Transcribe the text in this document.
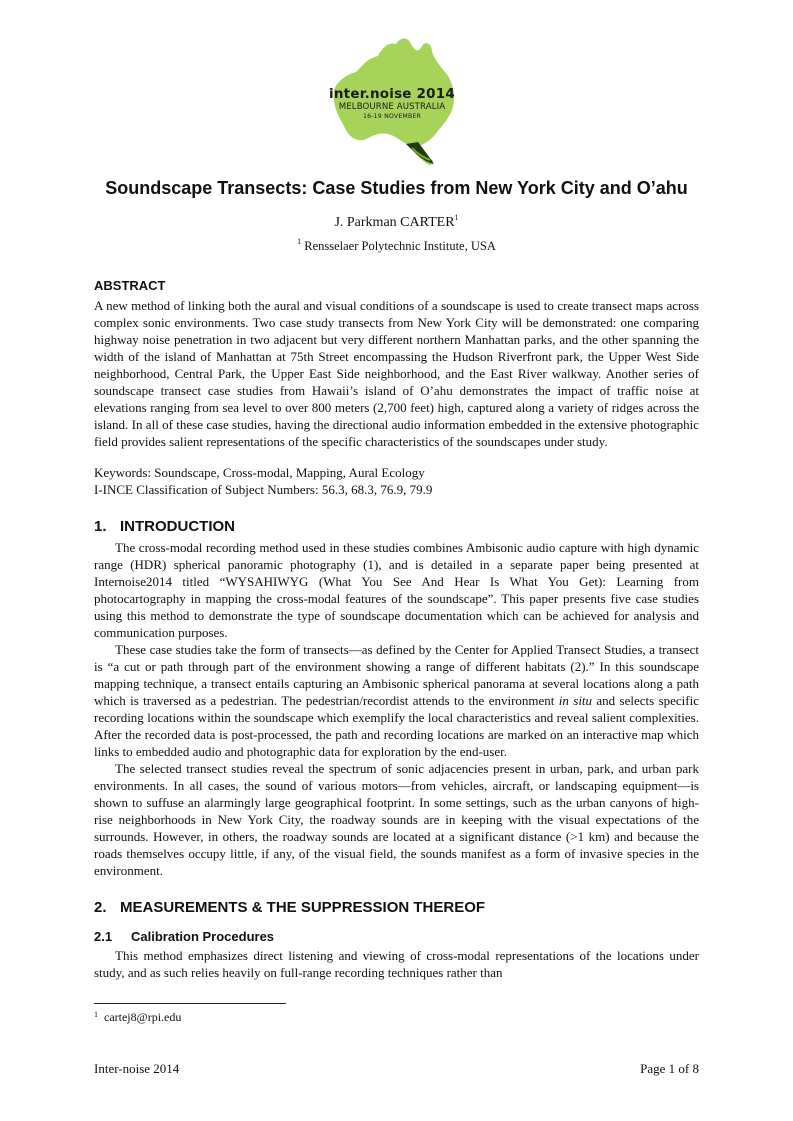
inter.noise 2014
MELBOURNE AUSTRALIA
16-19 NOVEMBER
Soundscape Transects: Case Studies from New York City and O’ahu
J. Parkman CARTER$^1$
$^1$ Rensselaer Polytechnic Institute, USA
ABSTRACT

A new method of linking both the aural and visual conditions of a soundscape is used to create transect maps across complex sonic environments. Two case study transects from New York City will be demonstrated: one comparing highway noise penetration in two adjacent but very different northern Manhattan parks, and the other spanning the width of the island of Manhattan at 75th Street encompassing the Hudson Riverfront park, the Upper West Side neighborhood, Central Park, the Upper East Side neighborhood, and the East River walkway. Another series of soundscape transect case studies from Hawaii’s island of O’ahu demonstrates the impact of traffic noise at elevations ranging from sea level to over 800 meters (2,700 feet) high, captured along a variety of ridges across the island. In all of these case studies, having the directional audio information embedded in the extensive photographic field provides salient representations of the specific characteristics of the soundscapes under study.

Keywords: Soundscape, Cross-modal, Mapping, Aural Ecology
I-INCE Classification of Subject Numbers: 56.3, 68.3, 76.9, 79.9
1. INTRODUCTION

The cross-modal recording method used in these studies combines Ambisonic audio capture with high dynamic range (HDR) spherical panoramic photography (1), and is detailed in a separate paper being presented at Internoise2014 titled “WYSAHIWYG (What You See And Hear Is What You Get): Learning from photocartography in mapping the cross-modal features of the soundscape”. This paper presents five case studies using this method to demonstrate the type of soundscape documentation which can be achieved for analysis and communication purposes.

These case studies take the form of transects—as defined by the Center for Applied Transect Studies, a transect is “a cut or path through part of the environment showing a range of different habitats (2).” In this soundscape mapping technique, a transect entails capturing an Ambisonic spherical panorama at several locations along a path which is traversed as a pedestrian. The pedestrian/recordist attends to the environment in situ and selects specific recording locations within the soundscape which exemplify the local characteristics and reveal salient complexities. After the recorded data is post-processed, the path and recording locations are marked on an interactive map which links to embedded audio and photographic data for exploration by the end-user.

The selected transect studies reveal the spectrum of sonic adjacencies present in urban, park, and urban park environments. In all cases, the sound of various motors—from vehicles, aircraft, or landscaping equipment—is shown to suffuse an alarmingly large geographical footprint. In some settings, such as the urban canyons of high-rise neighborhoods in New York City, the roadway sounds are in keeping with the visual expectations of the surrounds. However, in others, the roadway sounds are located at a significant distance (>1 km) and because the roads themselves occupy little, if any, of the visual field, the sounds manifest as a form of invasive species in the environment.

2. MEASUREMENTS & THE SUPPRESSION THEREOF
2.1 Calibration Procedures

This method emphasizes direct listening and viewing of cross-modal representations of the locations under study, and as such relies heavily on full-range recording techniques rather than

$^1$ cartej8@rpi.edu
Inter-noise 2014	Page 1 of 8
